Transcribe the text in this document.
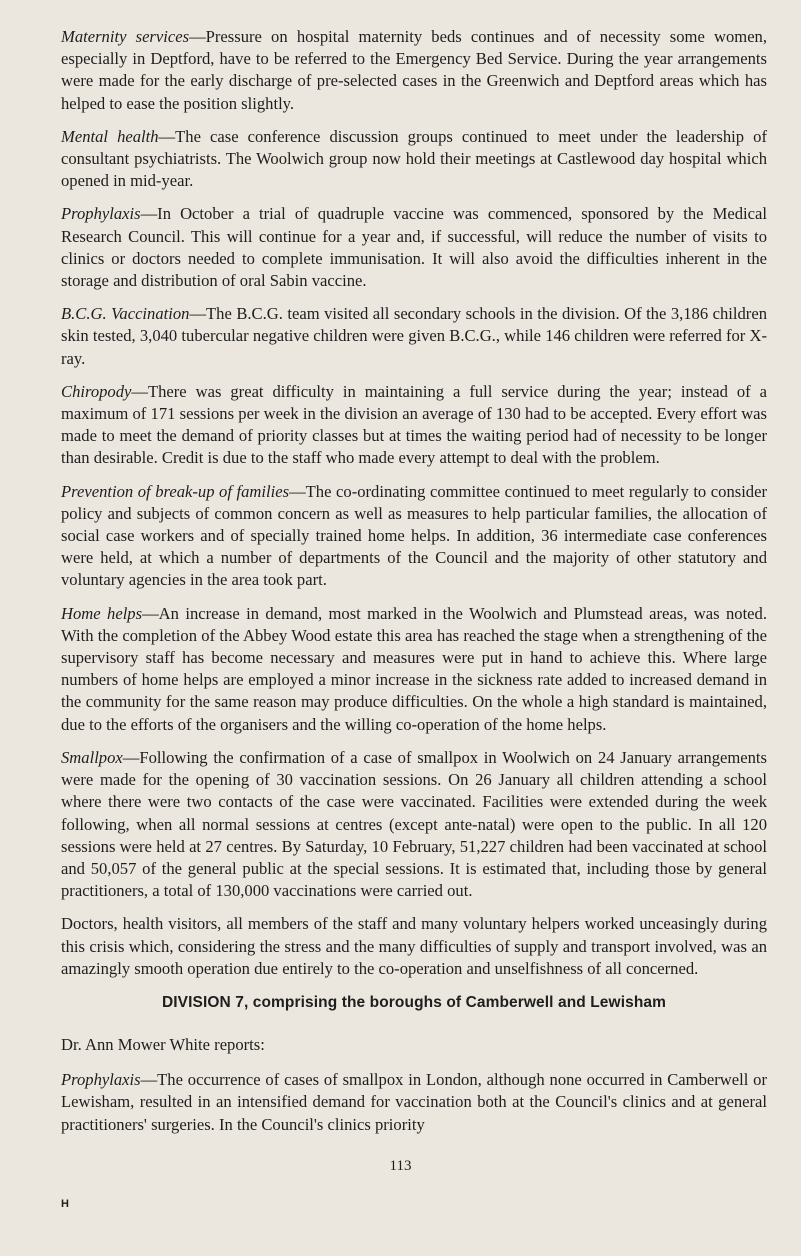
Maternity services—Pressure on hospital maternity beds continues and of necessity some women, especially in Deptford, have to be referred to the Emergency Bed Service. During the year arrangements were made for the early discharge of pre-selected cases in the Greenwich and Deptford areas which has helped to ease the position slightly.

Mental health—The case conference discussion groups continued to meet under the leadership of consultant psychiatrists. The Woolwich group now hold their meetings at Castlewood day hospital which opened in mid-year.

Prophylaxis—In October a trial of quadruple vaccine was commenced, sponsored by the Medical Research Council. This will continue for a year and, if successful, will reduce the number of visits to clinics or doctors needed to complete immunisation. It will also avoid the difficulties inherent in the storage and distribution of oral Sabin vaccine.

B.C.G. Vaccination—The B.C.G. team visited all secondary schools in the division. Of the 3,186 children skin tested, 3,040 tubercular negative children were given B.C.G., while 146 children were referred for X-ray.

Chiropody—There was great difficulty in maintaining a full service during the year; instead of a maximum of 171 sessions per week in the division an average of 130 had to be accepted. Every effort was made to meet the demand of priority classes but at times the waiting period had of necessity to be longer than desirable. Credit is due to the staff who made every attempt to deal with the problem.

Prevention of break-up of families—The co-ordinating committee continued to meet regularly to consider policy and subjects of common concern as well as measures to help particular families, the allocation of social case workers and of specially trained home helps. In addition, 36 intermediate case conferences were held, at which a number of departments of the Council and the majority of other statutory and voluntary agencies in the area took part.

Home helps—An increase in demand, most marked in the Woolwich and Plumstead areas, was noted. With the completion of the Abbey Wood estate this area has reached the stage when a strengthening of the supervisory staff has become necessary and measures were put in hand to achieve this. Where large numbers of home helps are employed a minor increase in the sickness rate added to increased demand in the community for the same reason may produce difficulties. On the whole a high standard is maintained, due to the efforts of the organisers and the willing co-operation of the home helps.

Smallpox—Following the confirmation of a case of smallpox in Woolwich on 24 January arrangements were made for the opening of 30 vaccination sessions. On 26 January all children attending a school where there were two contacts of the case were vaccinated. Facilities were extended during the week following, when all normal sessions at centres (except ante-natal) were open to the public. In all 120 sessions were held at 27 centres. By Saturday, 10 February, 51,227 children had been vaccinated at school and 50,057 of the general public at the special sessions. It is estimated that, including those by general practitioners, a total of 130,000 vaccinations were carried out.

Doctors, health visitors, all members of the staff and many voluntary helpers worked unceasingly during this crisis which, considering the stress and the many difficulties of supply and transport involved, was an amazingly smooth operation due entirely to the co-operation and unselfishness of all concerned.

DIVISION 7, comprising the boroughs of Camberwell and Lewisham

Dr. Ann Mower White reports:

Prophylaxis—The occurrence of cases of smallpox in London, although none occurred in Camberwell or Lewisham, resulted in an intensified demand for vaccination both at the Council's clinics and at general practitioners' surgeries. In the Council's clinics priority

113
H
